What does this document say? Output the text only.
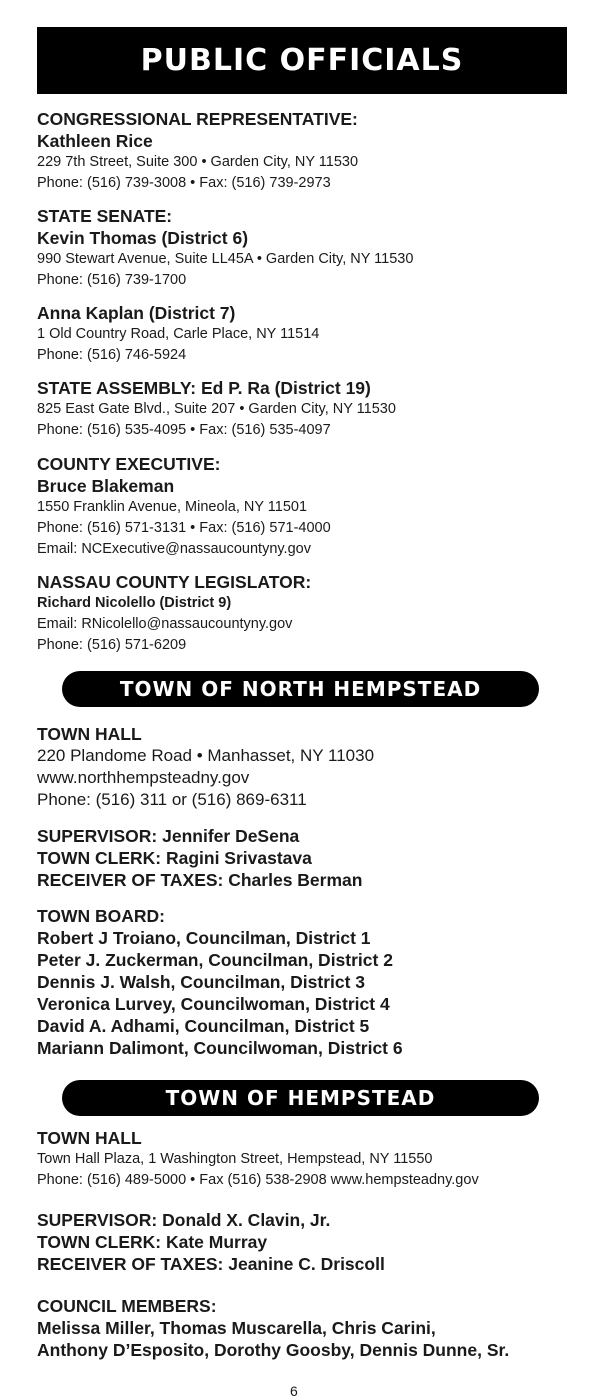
PUBLIC OFFICIALS
CONGRESSIONAL REPRESENTATIVE:
Kathleen Rice
229 7th Street, Suite 300 • Garden City, NY 11530
Phone: (516) 739-3008 • Fax: (516) 739-2973
STATE SENATE:
Kevin Thomas (District 6)
990 Stewart Avenue, Suite LL45A • Garden City, NY 11530
Phone: (516) 739-1700
Anna Kaplan (District 7)
1 Old Country Road, Carle Place, NY 11514
Phone: (516) 746-5924
STATE ASSEMBLY: Ed P. Ra (District 19)
825 East Gate Blvd., Suite 207 • Garden City, NY 11530
Phone: (516) 535-4095 • Fax: (516) 535-4097
COUNTY EXECUTIVE:
Bruce Blakeman
1550 Franklin Avenue, Mineola, NY 11501
Phone: (516) 571-3131 • Fax: (516) 571-4000
Email: NCExecutive@nassaucountyny.gov
NASSAU COUNTY LEGISLATOR:
Richard Nicolello (District 9)
Email: RNicolello@nassaucountyny.gov
Phone: (516) 571-6209
TOWN OF NORTH HEMPSTEAD
TOWN HALL
220 Plandome Road • Manhasset, NY 11030
www.northhempsteadny.gov
Phone: (516) 311 or (516) 869-6311
SUPERVISOR: Jennifer DeSena
TOWN CLERK: Ragini Srivastava
RECEIVER OF TAXES: Charles Berman
TOWN BOARD:
Robert J Troiano, Councilman, District 1
Peter J. Zuckerman, Councilman, District 2
Dennis J. Walsh, Councilman, District 3
Veronica Lurvey, Councilwoman, District 4
David A. Adhami, Councilman, District 5
Mariann Dalimont, Councilwoman, District 6
TOWN OF HEMPSTEAD
TOWN HALL
Town Hall Plaza, 1 Washington Street, Hempstead, NY 11550
Phone: (516) 489-5000 • Fax (516) 538-2908 www.hempsteadny.gov
SUPERVISOR: Donald X. Clavin, Jr.
TOWN CLERK: Kate Murray
RECEIVER OF TAXES: Jeanine C. Driscoll
COUNCIL MEMBERS:
Melissa Miller, Thomas Muscarella, Chris Carini,
Anthony D’Esposito, Dorothy Goosby, Dennis Dunne, Sr.
6
